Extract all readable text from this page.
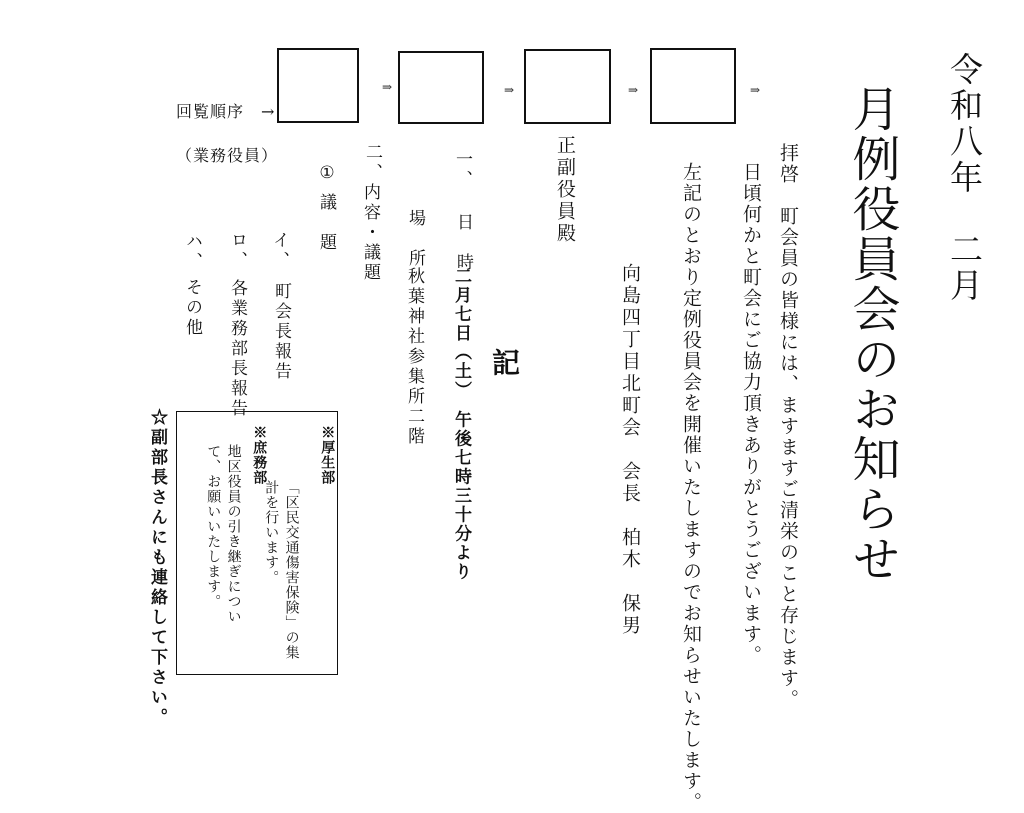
令和八年　二月
月例役員会のお知らせ
拝啓　町会員の皆様には、ますますご清栄のこと存じます。
日頃何かと町会にご協力頂きありがとうございます。
左記のとおり定例役員会を開催いたしますのでお知らせいたします。
向島四丁目北町会　会長　柏木　保男
正副役員殿
記
一、
日　時
二月七日（土）　午後七時三十分より
場　所
秋葉神社参集所二階
二、
内容・議題
①
議　題
イ、
町会長報告
ロ、
各業務部長報告
ハ、
その他
回覧順序　→
（業務役員）
⇒	⇒	⇒	⇒
※厚生部
「区民交通傷害保険」の集計を行います。
※庶務部
地区役員の引き継ぎについて、お願いいたします。
☆副部長さんにも連絡して下さい。
